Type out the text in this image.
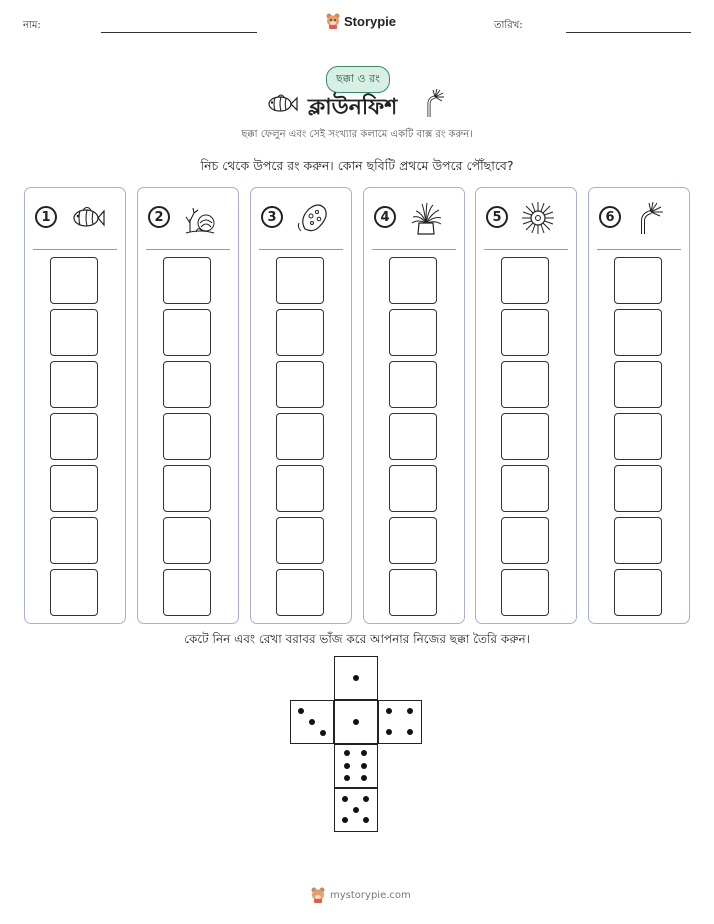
নাম:	Storypie	তারিখ:
ছক্কা ও রং
ক্লাউনফিশ
ছক্কা ফেলুন এবং সেই সংখ্যার কলামে একটি বাক্স রং করুন।
নিচ থেকে উপরে রং করুন। কোন ছবিটি প্রথমে উপরে পৌঁছাবে?
1	2	3	4	5	6
কেটে নিন এবং রেখা বরাবর ভাঁজ করে আপনার নিজের ছক্কা তৈরি করুন।
mystorypie.com
